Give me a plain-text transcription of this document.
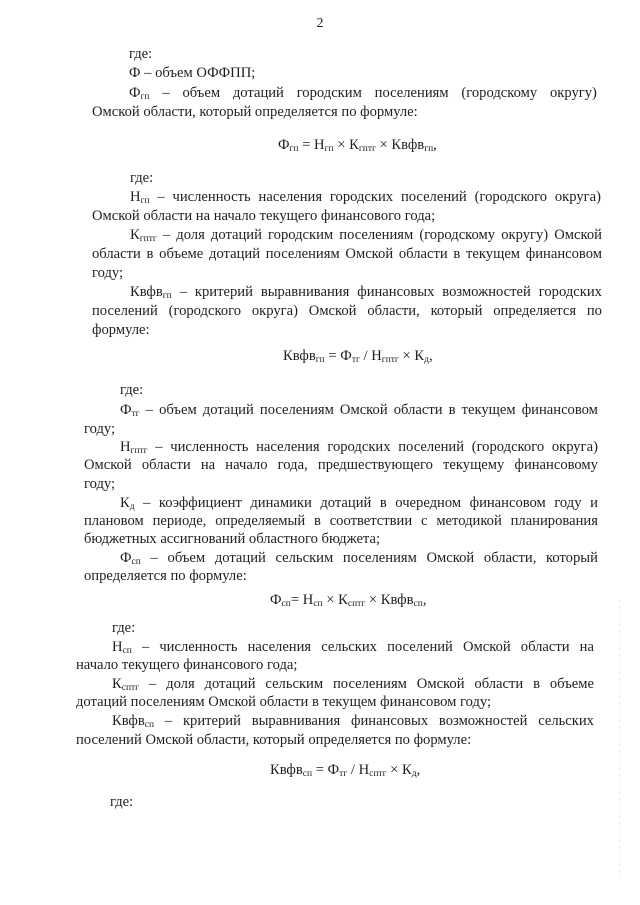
2
где:
Ф – объем ОФФПП;
$Ф_{гп}$ – объем дотаций городским поселениям (городскому округу)
Омской области, который определяется по формуле:
$Ф_{гп} = Н_{гп} \times К_{гптг}$ × Квфв$_{гп}$,
где:
$Н_{гп}$ – численность населения городских поселений (городского округа)
Омской области на начало текущего финансового года;
$К_{гптг}$ – доля дотаций городским поселениям (городскому округу) Омской
области в объеме дотаций поселениям Омской области в текущем финансовом
году;
Квфв$_{гп}$ – критерий выравнивания финансовых возможностей городских
поселений (городского округа) Омской области, который определяется по
формуле:
Квфв$_{гп}$ = $Ф_{тг} / Н_{гптг} \times К_д$,
где:
$Ф_{тг}$ – объем дотаций поселениям Омской области в текущем финансовом
году;
$Н_{гптг}$ – численность населения городских поселений (городского округа)
Омской области на начало года, предшествующего текущему финансовому
году;
$К_д$ – коэффициент динамики дотаций в очередном финансовом году и
плановом периоде, определяемый в соответствии с методикой планирования
бюджетных ассигнований областного бюджета;
$Ф_{сп}$ – объем дотаций сельским поселениям Омской области, который
определяется по формуле:
$Ф_{сп}= Н_{сп} \times К_{сптг}$ × Квфв$_{сп}$,
где:
$Н_{сп}$ – численность населения сельских поселений Омской области на
начало текущего финансового года;
$К_{сптг}$ – доля дотаций сельским поселениям Омской области в объеме
дотаций поселениям Омской области в текущем финансовом году;
Квфв$_{сп}$ – критерий выравнивания финансовых возможностей сельских
поселений Омской области, который определяется по формуле:
Квфв$_{сп}$ = $Ф_{тг} / Н_{сптг} \times К_д$,
где:
